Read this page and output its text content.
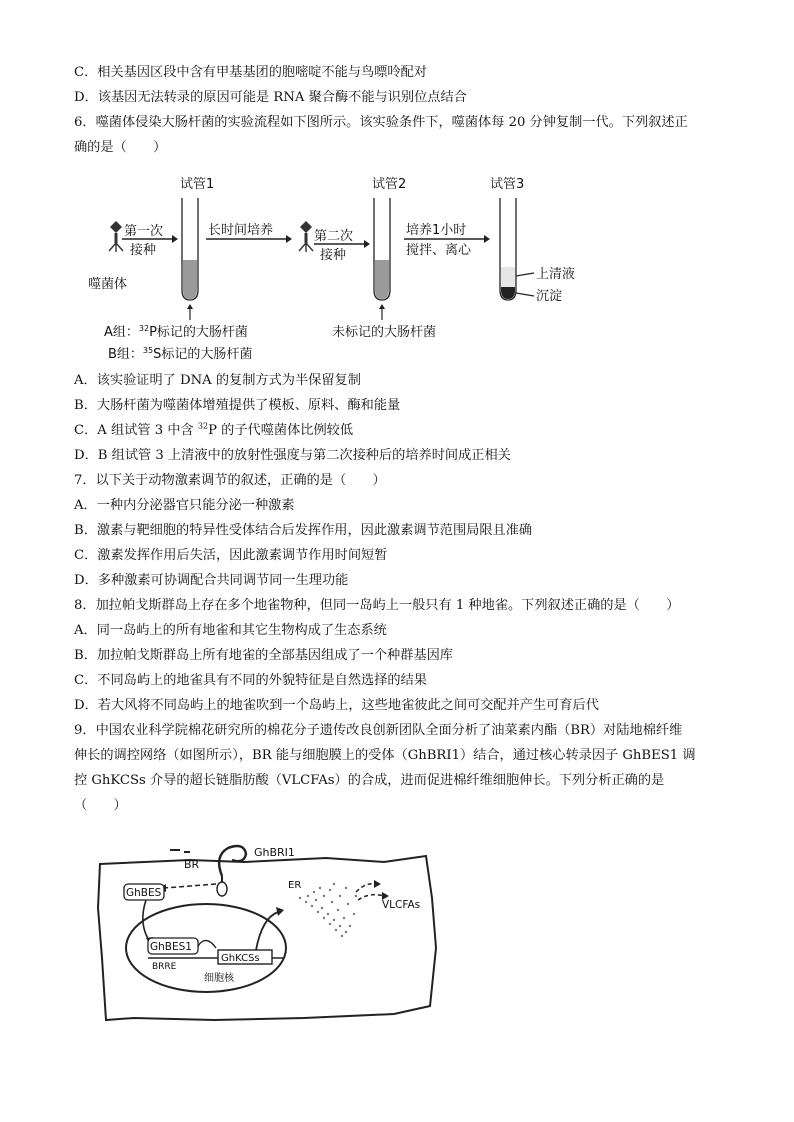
C．相关基因区段中含有甲基基团的胞嘧啶不能与鸟嘌呤配对
D．该基因无法转录的原因可能是 RNA 聚合酶不能与识别位点结合
6．噬菌体侵染大肠杆菌的实验流程如下图所示。该实验条件下，噬菌体每 20 分钟复制一代。下列叙述正
确的是（　　）
噬菌体
第一次
接种
试管1
长时间培养	第二次
接种
试管2
培养1小时
搅拌、离心
试管3
上清液
沉淀
A组：$^{32}$P标记的大肠杆菌
B组：$^{35}$S标记的大肠杆菌
未标记的大肠杆菌
A．该实验证明了 DNA 的复制方式为半保留复制
B．大肠杆菌为噬菌体增殖提供了模板、原料、酶和能量
C．A 组试管 3 中含 $^{32}$P 的子代噬菌体比例较低
D．B 组试管 3 上清液中的放射性强度与第二次接种后的培养时间成正相关
7．以下关于动物激素调节的叙述，正确的是（　　）
A．一种内分泌器官只能分泌一种激素
B．激素与靶细胞的特异性受体结合后发挥作用，因此激素调节范围局限且准确
C．激素发挥作用后失活，因此激素调节作用时间短暂
D．多种激素可协调配合共同调节同一生理功能
8．加拉帕戈斯群岛上存在多个地雀物种，但同一岛屿上一般只有 1 种地雀。下列叙述正确的是（　　）
A．同一岛屿上的所有地雀和其它生物构成了生态系统
B．加拉帕戈斯群岛上所有地雀的全部基因组成了一个种群基因库
C．不同岛屿上的地雀具有不同的外貌特征是自然选择的结果
D．若大风将不同岛屿上的地雀吹到一个岛屿上，这些地雀彼此之间可交配并产生可育后代
9．中国农业科学院棉花研究所的棉花分子遗传改良创新团队全面分析了油菜素内酯（BR）对陆地棉纤维
伸长的调控网络（如图所示），BR 能与细胞膜上的受体（GhBRI1）结合，通过核心转录因子 GhBES1 调
控 GhKCSs 介导的超长链脂肪酸（VLCFAs）的合成，进而促进棉纤维细胞伸长。下列分析正确的是
（　　）
BR
GhBRI1
GhBES
GhBES1
BRRE
GhKCSs
细胞核
ER
VLCFAs
